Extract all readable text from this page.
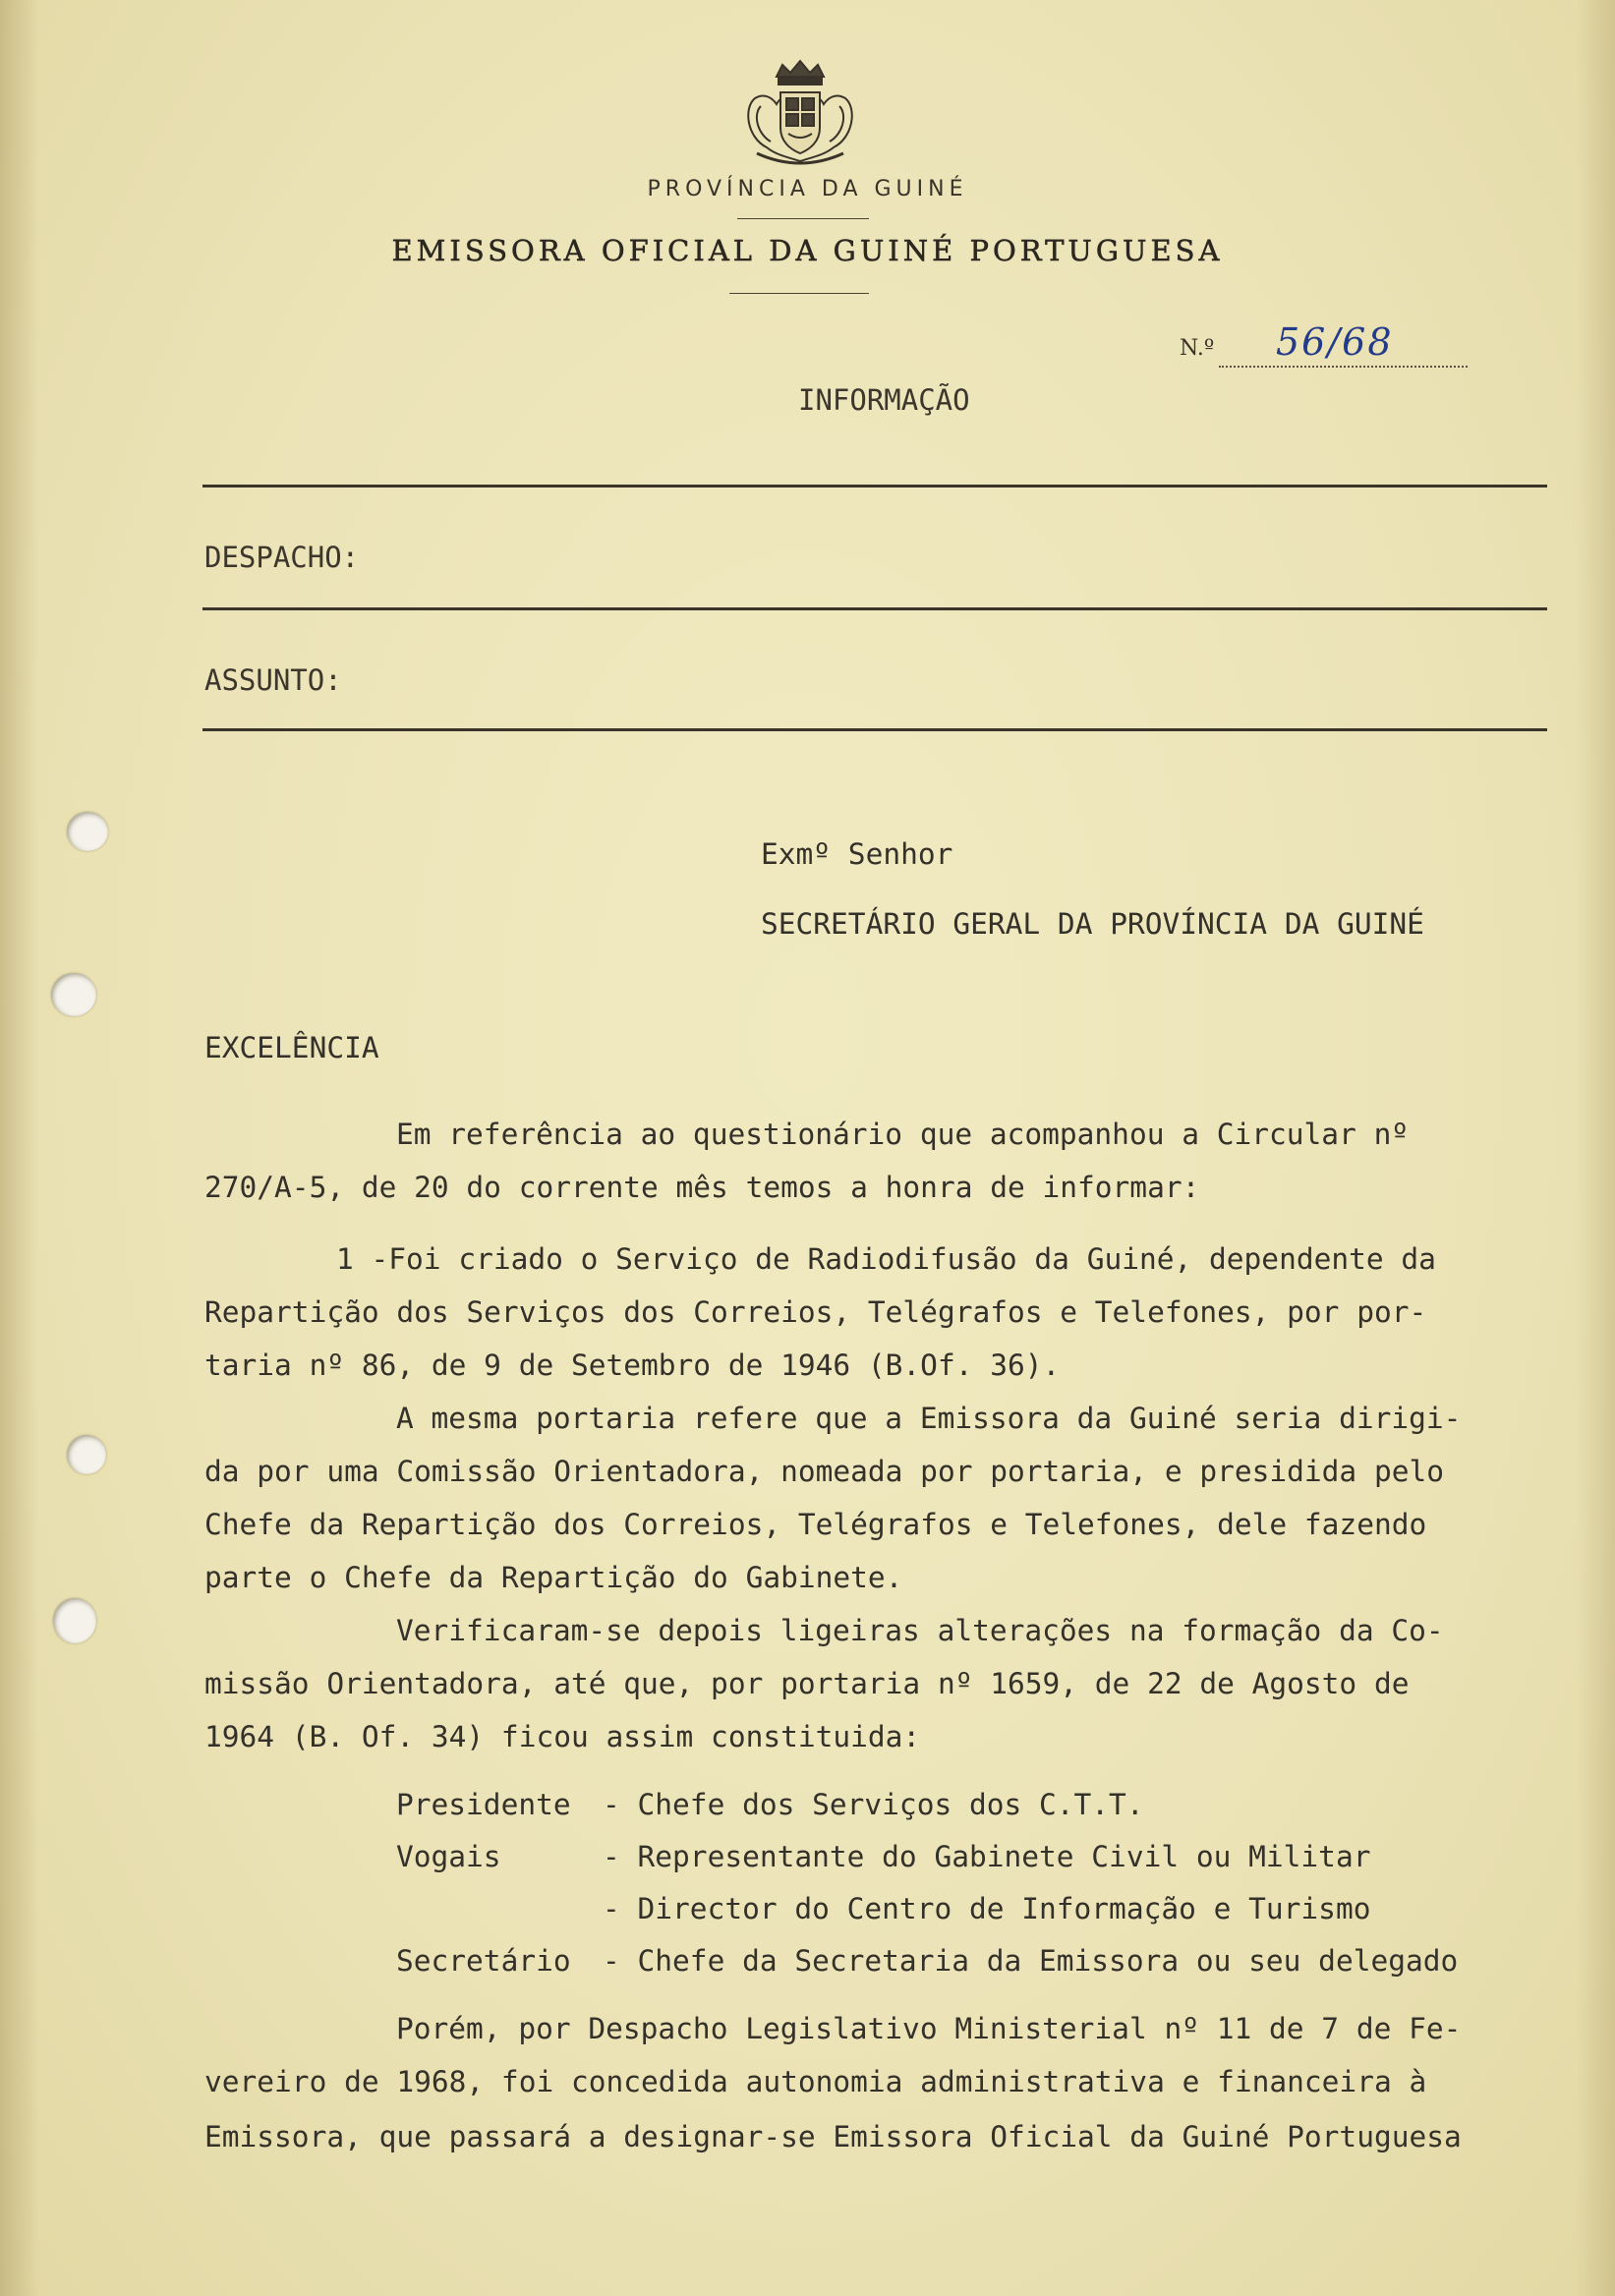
PROVÍNCIA DA GUINÉ
EMISSORA OFICIAL DA GUINÉ PORTUGUESA
N.º 56/68
INFORMAÇÃO
DESPACHO:
ASSUNTO:
Exmº Senhor
SECRETÁRIO GERAL DA PROVÍNCIA DA GUINÉ
EXCELÊNCIA
Em referência ao questionário que acompanhou a Circular nº
270/A-5, de 20 do corrente mês temos a honra de informar:
1 -Foi criado o Serviço de Radiodifusão da Guiné, dependente da
Repartição dos Serviços dos Correios, Telégrafos e Telefones, por por-
taria nº 86, de 9 de Setembro de 1946 (B.Of. 36).
A mesma portaria refere que a Emissora da Guiné seria dirigi-
da por uma Comissão Orientadora, nomeada por portaria, e presidida pelo
Chefe da Repartição dos Correios, Telégrafos e Telefones, dele fazendo
parte o Chefe da Repartição do Gabinete.
Verificaram-se depois ligeiras alterações na formação da Co-
missão Orientadora, até que, por portaria nº 1659, de 22 de Agosto de
1964 (B. Of. 34) ficou assim constituida:
Presidente - Chefe dos Serviços dos C.T.T.
Vogais	- Representante do Gabinete Civil ou Militar
- Director do Centro de Informação e Turismo
Secretário - Chefe da Secretaria da Emissora ou seu delegado
Porém, por Despacho Legislativo Ministerial nº 11 de 7 de Fe-
vereiro de 1968, foi concedida autonomia administrativa e financeira à
Emissora, que passará a designar-se Emissora Oficial da Guiné Portuguesa
